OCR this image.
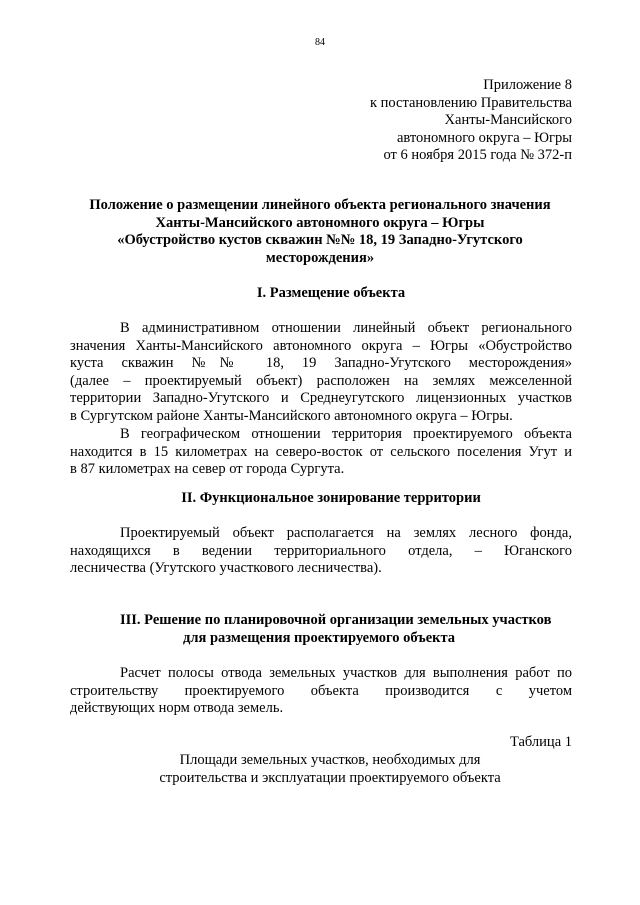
84
Приложение 8
к постановлению Правительства
Ханты-Мансийского
автономного округа – Югры
от 6 ноября 2015 года № 372-п
Положение о размещении линейного объекта регионального значения
Ханты-Мансийского автономного округа – Югры
«Обустройство кустов скважин №№ 18, 19 Западно-Угутского
месторождения»
I. Размещение объекта
В административном отношении линейный объект регионального
значения Ханты-Мансийского автономного округа – Югры «Обустройство
куста скважин №№ 18, 19 Западно-Угутского месторождения»
(далее – проектируемый объект) расположен на землях межселенной
территории Западно-Угутского и Среднеугутского лицензионных участков
в Сургутском районе Ханты-Мансийского автономного округа – Югры.
В географическом отношении территория проектируемого объекта
находится в 15 километрах на северо-восток от сельского поселения Угут и
в 87 километрах на север от города Сургута.
II. Функциональное зонирование территории
Проектируемый объект располагается на землях лесного фонда,
находящихся в ведении территориального отдела, – Юганского
лесничества (Угутского участкового лесничества).
III. Решение по планировочной организации земельных участков
для размещения проектируемого объекта
Расчет полосы отвода земельных участков для выполнения работ по
строительству проектируемого объекта производится с учетом
действующих норм отвода земель.
Таблица 1
Площади земельных участков, необходимых для
строительства и эксплуатации проектируемого объекта
